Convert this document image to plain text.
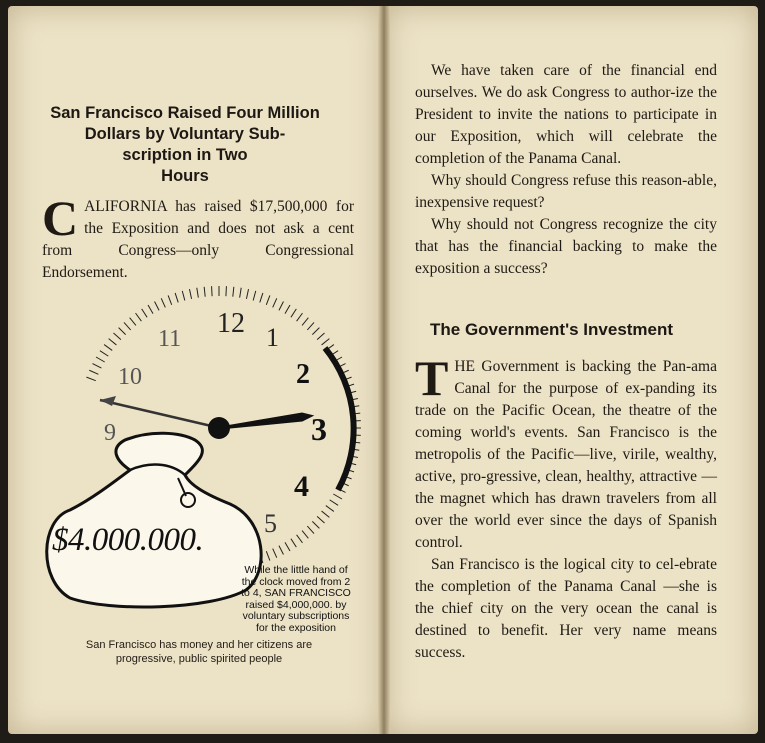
San Francisco Raised Four Million
Dollars by Voluntary Sub-
scription in Two
Hours
CALIFORNIA has raised $17,500,000 for the Exposition and does not ask a cent from Congress—only Congressional Endorsement.
12 1
2
3
4
5
9
10
11
$4.000.000.
While the little hand of the clock moved from 2 to 4, SAN FRANCISCO raised $4,000,000. by voluntary subscriptions for the exposition
San Francisco has money and her citizens are progressive, public spirited people

We have taken care of the financial end ourselves. We do ask Congress to author-ize the President to invite the nations to participate in our Exposition, which will celebrate the completion of the Panama Canal.

Why should Congress refuse this reason-able, inexpensive request?

Why should not Congress recognize the city that has the financial backing to make the exposition a success?

The Government's Investment

THE Government is backing the Pan-ama Canal for the purpose of ex-panding its trade on the Pacific Ocean, the theatre of the coming world's events. San Francisco is the metropolis of the Pacific—live, virile, wealthy, active, pro-gressive, clean, healthy, attractive — the magnet which has drawn travelers from all over the world ever since the days of Spanish control.

San Francisco is the logical city to cel-ebrate the completion of the Panama Canal —she is the chief city on the very ocean the canal is destined to benefit. Her very name means success.
